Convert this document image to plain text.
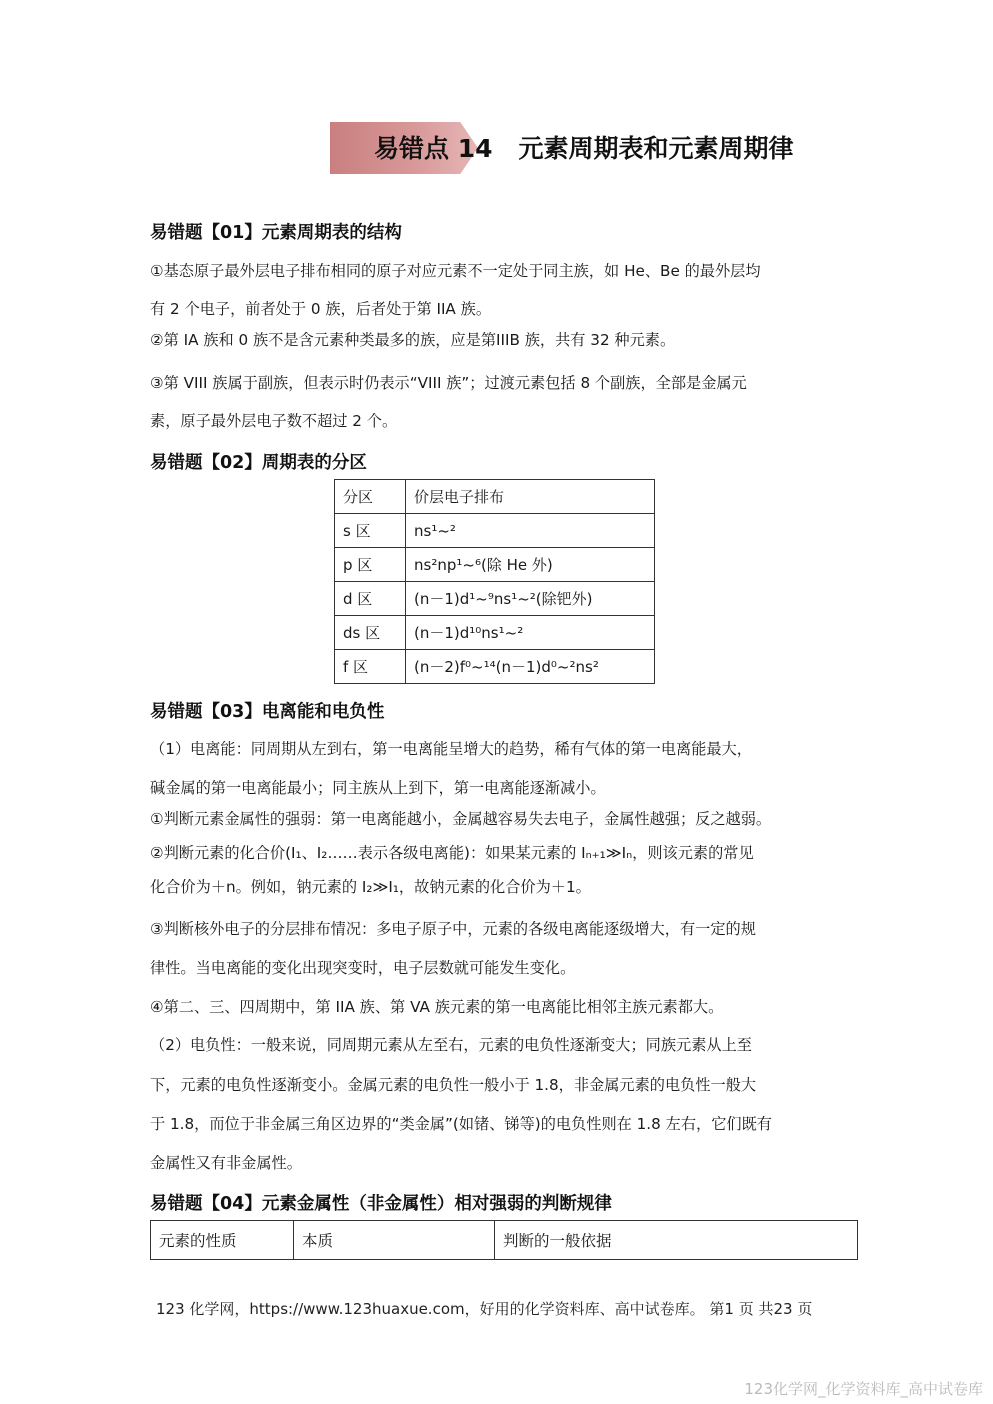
易错点 14 元素周期表和元素周期律
易错题【01】元素周期表的结构
①基态原子最外层电子排布相同的原子对应元素不一定处于同主族，如 He、Be 的最外层均
有 2 个电子，前者处于 0 族，后者处于第 IIA 族。
②第 IA 族和 0 族不是含元素种类最多的族，应是第IIIB 族，共有 32 种元素。
③第 VIII 族属于副族，但表示时仍表示“VIII 族”；过渡元素包括 8 个副族，全部是金属元
素，原子最外层电子数不超过 2 个。
易错题【02】周期表的分区
分区	价层电子排布
s 区	ns¹~²
p 区	ns²np¹~⁶(除 He 外)
d 区	(n－1)d¹~⁹ns¹~²(除钯外)
ds 区	(n－1)d¹⁰ns¹~²
f 区	(n－2)f⁰~¹⁴(n－1)d⁰~²ns²
易错题【03】电离能和电负性
（1）电离能：同周期从左到右，第一电离能呈增大的趋势，稀有气体的第一电离能最大，
碱金属的第一电离能最小；同主族从上到下，第一电离能逐渐减小。
①判断元素金属性的强弱：第一电离能越小，金属越容易失去电子，金属性越强；反之越弱。
②判断元素的化合价(I₁、I₂……表示各级电离能)：如果某元素的 Iₙ₊₁≫Iₙ，则该元素的常见
化合价为＋n。例如，钠元素的 I₂≫I₁，故钠元素的化合价为＋1。
③判断核外电子的分层排布情况：多电子原子中，元素的各级电离能逐级增大，有一定的规
律性。当电离能的变化出现突变时，电子层数就可能发生变化。
④第二、三、四周期中，第 IIA 族、第 VA 族元素的第一电离能比相邻主族元素都大。
（2）电负性：一般来说，同周期元素从左至右，元素的电负性逐渐变大；同族元素从上至
下，元素的电负性逐渐变小。金属元素的电负性一般小于 1.8，非金属元素的电负性一般大
于 1.8，而位于非金属三角区边界的“类金属”(如锗、锑等)的电负性则在 1.8 左右，它们既有
金属性又有非金属性。
易错题【04】元素金属性（非金属性）相对强弱的判断规律
元素的性质	本质	判断的一般依据
123 化学网，https://www.123huaxue.com，好用的化学资料库、高中试卷库。 第1 页 共23 页
123化学网_化学资料库_高中试卷库
